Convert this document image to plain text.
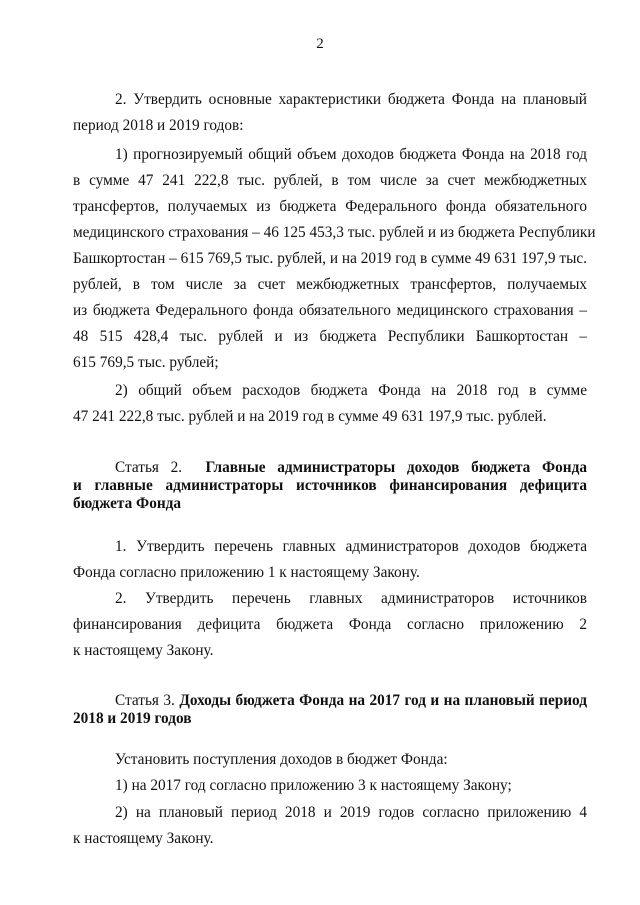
2
2. Утвердить основные характеристики бюджета Фонда на плановый
период 2018 и 2019 годов:
1) прогнозируемый общий объем доходов бюджета Фонда на 2018 год
в сумме 47 241 222,8 тыс. рублей, в том числе за счет межбюджетных
трансфертов, получаемых из бюджета Федерального фонда обязательного
медицинского страхования – 46 125 453,3 тыс. рублей и из бюджета Республики
Башкортостан – 615 769,5 тыс. рублей, и на 2019 год в сумме 49 631 197,9 тыс.
рублей, в том числе за счет межбюджетных трансфертов, получаемых
из бюджета Федерального фонда обязательного медицинского страхования –
48 515 428,4 тыс. рублей и из бюджета Республики Башкортостан –
615 769,5 тыс. рублей;
2) общий объем расходов бюджета Фонда на 2018 год в сумме
47 241 222,8 тыс. рублей и на 2019 год в сумме 49 631 197,9 тыс. рублей.
Статья 2. Главные администраторы доходов бюджета Фонда
и главные администраторы источников финансирования дефицита
бюджета Фонда
1. Утвердить перечень главных администраторов доходов бюджета
Фонда согласно приложению 1 к настоящему Закону.
2. Утвердить перечень главных администраторов источников
финансирования дефицита бюджета Фонда согласно приложению 2
к настоящему Закону.
Статья 3. Доходы бюджета Фонда на 2017 год и на плановый период
2018 и 2019 годов
Установить поступления доходов в бюджет Фонда:
1) на 2017 год согласно приложению 3 к настоящему Закону;
2) на плановый период 2018 и 2019 годов согласно приложению 4
к настоящему Закону.
